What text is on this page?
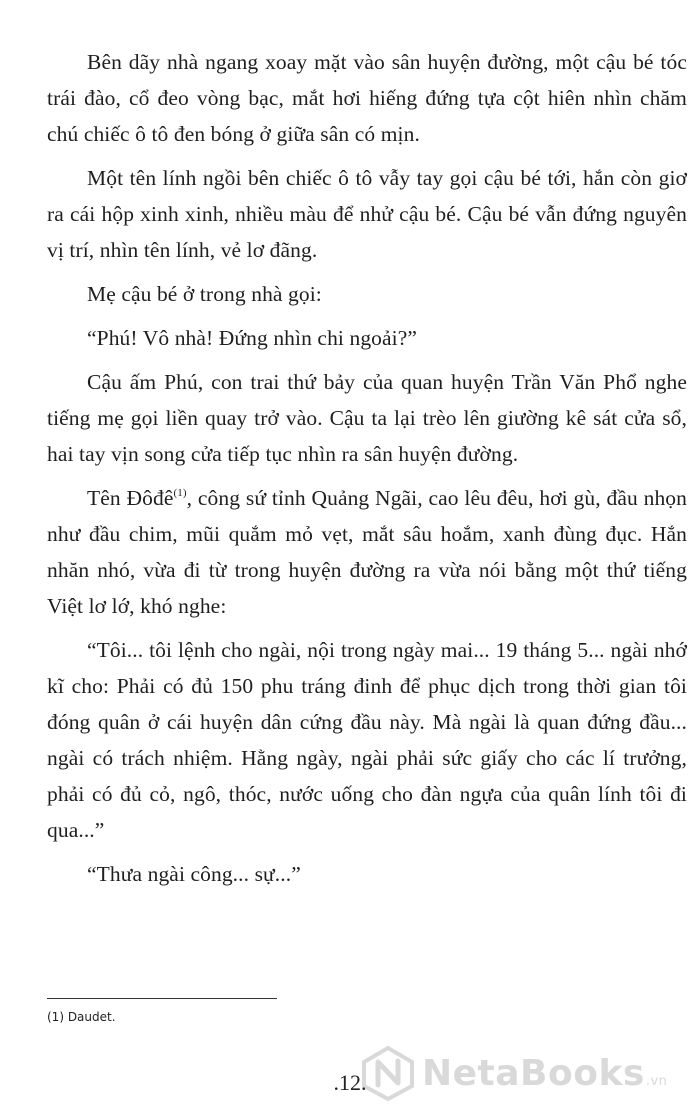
Bên dãy nhà ngang xoay mặt vào sân huyện đường, một cậu bé tóc trái đào, cổ đeo vòng bạc, mắt hơi hiếng đứng tựa cột hiên nhìn chăm chú chiếc ô tô đen bóng ở giữa sân có mịn.

Một tên lính ngồi bên chiếc ô tô vẫy tay gọi cậu bé tới, hắn còn giơ ra cái hộp xinh xinh, nhiều màu để nhử cậu bé. Cậu bé vẫn đứng nguyên vị trí, nhìn tên lính, vẻ lơ đãng.

Mẹ cậu bé ở trong nhà gọi:

“Phú! Vô nhà! Đứng nhìn chi ngoải?”

Cậu ấm Phú, con trai thứ bảy của quan huyện Trần Văn Phổ nghe tiếng mẹ gọi liền quay trở vào. Cậu ta lại trèo lên giường kê sát cửa sổ, hai tay vịn song cửa tiếp tục nhìn ra sân huyện đường.

Tên Đôđê$^{(1)}$, công sứ tỉnh Quảng Ngãi, cao lêu đêu, hơi gù, đầu nhọn như đầu chim, mũi quắm mỏ vẹt, mắt sâu hoắm, xanh đùng đục. Hắn nhăn nhó, vừa đi từ trong huyện đường ra vừa nói bằng một thứ tiếng Việt lơ lớ, khó nghe:

“Tôi... tôi lệnh cho ngài, nội trong ngày mai... 19 tháng 5... ngài nhớ kĩ cho: Phải có đủ 150 phu tráng đinh để phục dịch trong thời gian tôi đóng quân ở cái huyện dân cứng đầu này. Mà ngài là quan đứng đầu... ngài có trách nhiệm. Hằng ngày, ngài phải sức giấy cho các lí trưởng, phải có đủ cỏ, ngô, thóc, nước uống cho đàn ngựa của quân lính tôi đi qua...”

“Thưa ngài công... sự...”

(1) Daudet.
NetaBooks.vn
.12.
